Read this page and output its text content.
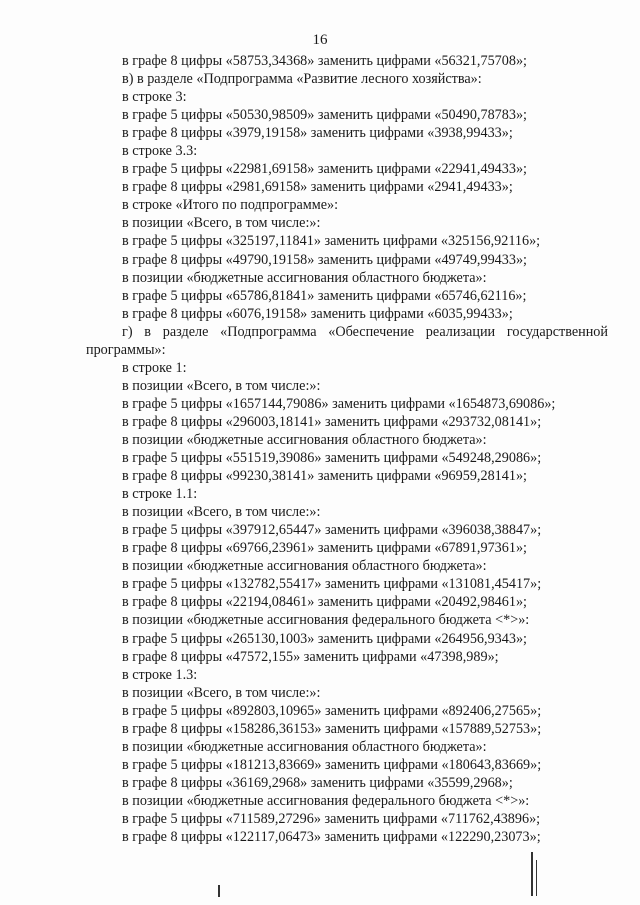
16
в графе 8 цифры «58753,34368» заменить цифрами «56321,75708»;
в) в разделе «Подпрограмма «Развитие лесного хозяйства»:
в строке 3:
в графе 5 цифры «50530,98509» заменить цифрами «50490,78783»;
в графе 8 цифры «3979,19158» заменить цифрами «3938,99433»;
в строке 3.3:
в графе 5 цифры «22981,69158» заменить цифрами «22941,49433»;
в графе 8 цифры «2981,69158» заменить цифрами «2941,49433»;
в строке «Итого по подпрограмме»:
в позиции «Всего, в том числе:»:
в графе 5 цифры «325197,11841» заменить цифрами «325156,92116»;
в графе 8 цифры «49790,19158» заменить цифрами «49749,99433»;
в позиции «бюджетные ассигнования областного бюджета»:
в графе 5 цифры «65786,81841» заменить цифрами «65746,62116»;
в графе 8 цифры «6076,19158» заменить цифрами «6035,99433»;
г) в разделе «Подпрограмма «Обеспечение реализации государственной
программы»:
в строке 1:
в позиции «Всего, в том числе:»:
в графе 5 цифры «1657144,79086» заменить цифрами «1654873,69086»;
в графе 8 цифры «296003,18141» заменить цифрами «293732,08141»;
в позиции «бюджетные ассигнования областного бюджета»:
в графе 5 цифры «551519,39086» заменить цифрами «549248,29086»;
в графе 8 цифры «99230,38141» заменить цифрами «96959,28141»;
в строке 1.1:
в позиции «Всего, в том числе:»:
в графе 5 цифры «397912,65447» заменить цифрами «396038,38847»;
в графе 8 цифры «69766,23961» заменить цифрами «67891,97361»;
в позиции «бюджетные ассигнования областного бюджета»:
в графе 5 цифры «132782,55417» заменить цифрами «131081,45417»;
в графе 8 цифры «22194,08461» заменить цифрами «20492,98461»;
в позиции «бюджетные ассигнования федерального бюджета <*>»:
в графе 5 цифры «265130,1003» заменить цифрами «264956,9343»;
в графе 8 цифры «47572,155» заменить цифрами «47398,989»;
в строке 1.3:
в позиции «Всего, в том числе:»:
в графе 5 цифры «892803,10965» заменить цифрами «892406,27565»;
в графе 8 цифры «158286,36153» заменить цифрами «157889,52753»;
в позиции «бюджетные ассигнования областного бюджета»:
в графе 5 цифры «181213,83669» заменить цифрами «180643,83669»;
в графе 8 цифры «36169,2968» заменить цифрами «35599,2968»;
в позиции «бюджетные ассигнования федерального бюджета <*>»:
в графе 5 цифры «711589,27296» заменить цифрами «711762,43896»;
в графе 8 цифры «122117,06473» заменить цифрами «122290,23073»;
